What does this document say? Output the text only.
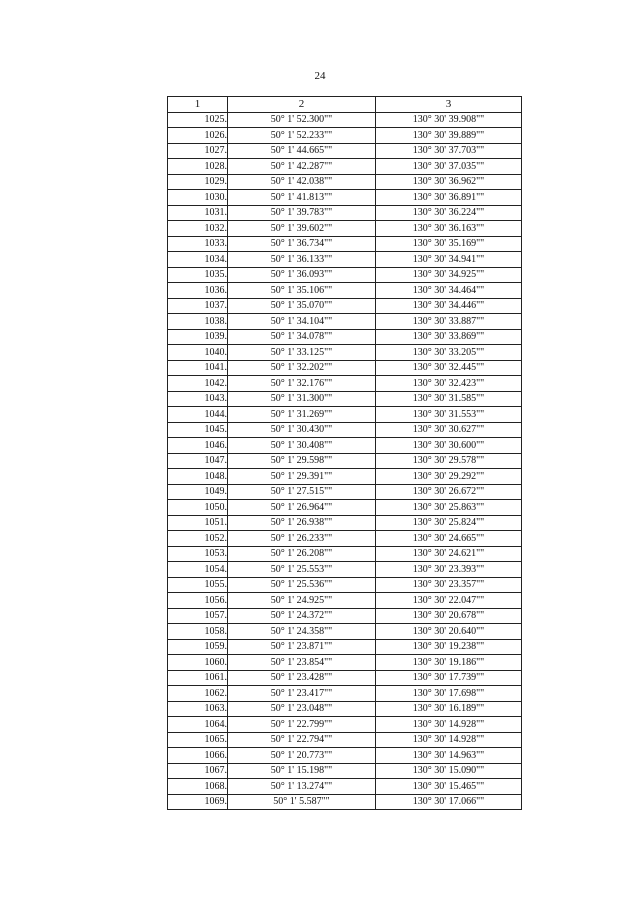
24
1	2	3
1025.	50° 1' 52.300""	130° 30' 39.908""
1026.	50° 1' 52.233""	130° 30' 39.889""
1027.	50° 1' 44.665""	130° 30' 37.703""
1028.	50° 1' 42.287""	130° 30' 37.035""
1029.	50° 1' 42.038""	130° 30' 36.962""
1030.	50° 1' 41.813""	130° 30' 36.891""
1031.	50° 1' 39.783""	130° 30' 36.224""
1032.	50° 1' 39.602""	130° 30' 36.163""
1033.	50° 1' 36.734""	130° 30' 35.169""
1034.	50° 1' 36.133""	130° 30' 34.941""
1035.	50° 1' 36.093""	130° 30' 34.925""
1036.	50° 1' 35.106""	130° 30' 34.464""
1037.	50° 1' 35.070""	130° 30' 34.446""
1038.	50° 1' 34.104""	130° 30' 33.887""
1039.	50° 1' 34.078""	130° 30' 33.869""
1040.	50° 1' 33.125""	130° 30' 33.205""
1041.	50° 1' 32.202""	130° 30' 32.445""
1042.	50° 1' 32.176""	130° 30' 32.423""
1043.	50° 1' 31.300""	130° 30' 31.585""
1044.	50° 1' 31.269""	130° 30' 31.553""
1045.	50° 1' 30.430""	130° 30' 30.627""
1046.	50° 1' 30.408""	130° 30' 30.600""
1047.	50° 1' 29.598""	130° 30' 29.578""
1048.	50° 1' 29.391""	130° 30' 29.292""
1049.	50° 1' 27.515""	130° 30' 26.672""
1050.	50° 1' 26.964""	130° 30' 25.863""
1051.	50° 1' 26.938""	130° 30' 25.824""
1052.	50° 1' 26.233""	130° 30' 24.665""
1053.	50° 1' 26.208""	130° 30' 24.621""
1054.	50° 1' 25.553""	130° 30' 23.393""
1055.	50° 1' 25.536""	130° 30' 23.357""
1056.	50° 1' 24.925""	130° 30' 22.047""
1057.	50° 1' 24.372""	130° 30' 20.678""
1058.	50° 1' 24.358""	130° 30' 20.640""
1059.	50° 1' 23.871""	130° 30' 19.238""
1060.	50° 1' 23.854""	130° 30' 19.186""
1061.	50° 1' 23.428""	130° 30' 17.739""
1062.	50° 1' 23.417""	130° 30' 17.698""
1063.	50° 1' 23.048""	130° 30' 16.189""
1064.	50° 1' 22.799""	130° 30' 14.928""
1065.	50° 1' 22.794""	130° 30' 14.928""
1066.	50° 1' 20.773""	130° 30' 14.963""
1067.	50° 1' 15.198""	130° 30' 15.090""
1068.	50° 1' 13.274""	130° 30' 15.465""
1069.	50° 1' 5.587""	130° 30' 17.066""
